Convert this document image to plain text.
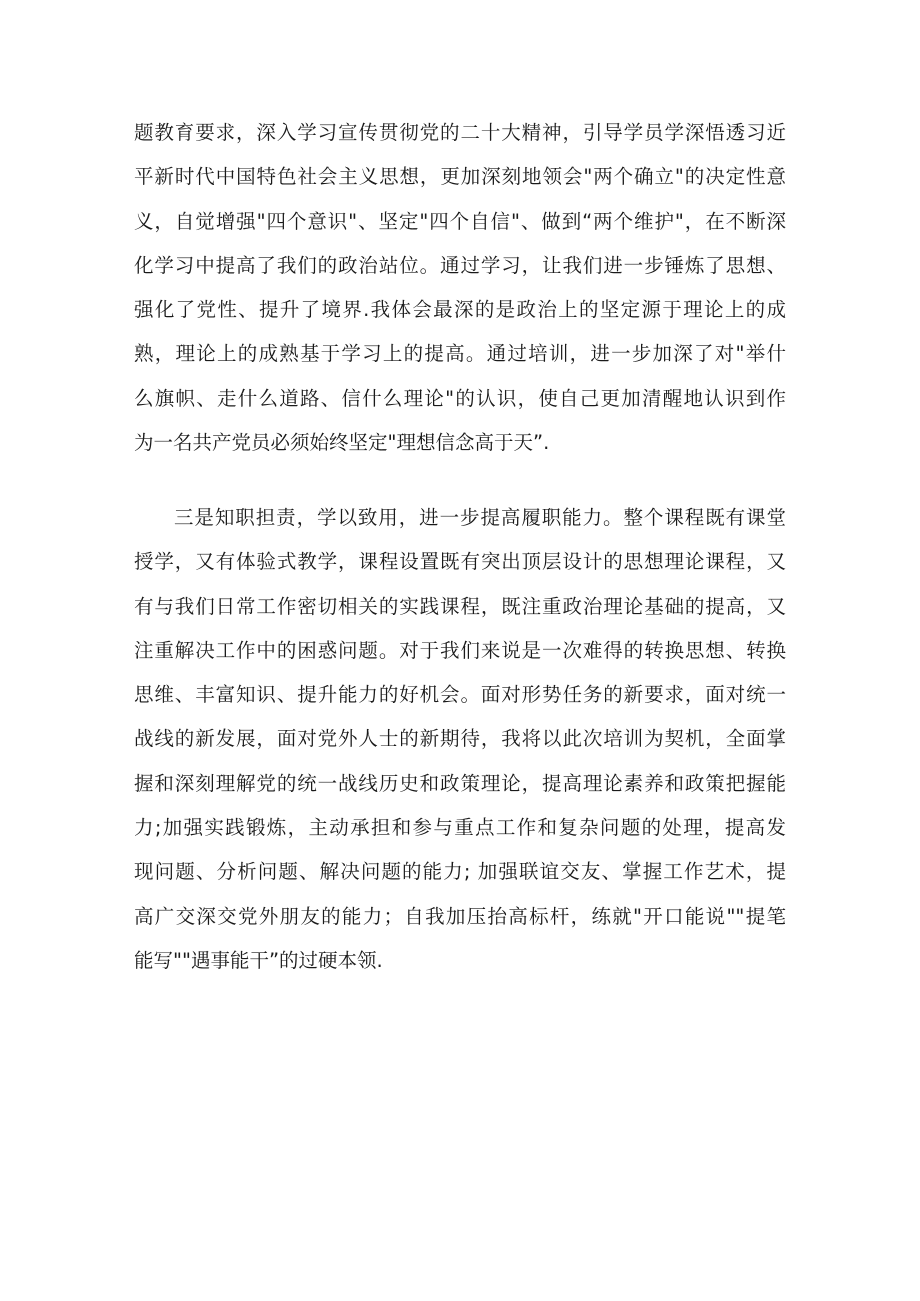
题教育要求，深入学习宣传贯彻党的二十大精神，引导学员学深悟透习近
平新时代中国特色社会主义思想，更加深刻地领会"两个确立"的决定性意
义，自觉增强"四个意识"、坚定"四个自信"、做到“两个维护"，在不断深
化学习中提高了我们的政治站位。通过学习，让我们进一步锤炼了思想、
强化了党性、提升了境界.我体会最深的是政治上的坚定源于理论上的成
熟，理论上的成熟基于学习上的提高。通过培训，进一步加深了对"举什
么旗帜、走什么道路、信什么理论"的认识，使自己更加清醒地认识到作
为一名共产党员必须始终坚定"理想信念高于天”.
三是知职担责，学以致用，进一步提高履职能力。整个课程既有课堂
授学，又有体验式教学，课程设置既有突出顶层设计的思想理论课程，又
有与我们日常工作密切相关的实践课程，既注重政治理论基础的提高，又
注重解决工作中的困惑问题。对于我们来说是一次难得的转换思想、转换
思维、丰富知识、提升能力的好机会。面对形势任务的新要求，面对统一
战线的新发展，面对党外人士的新期待，我将以此次培训为契机，全面掌
握和深刻理解党的统一战线历史和政策理论，提高理论素养和政策把握能
力;加强实践锻炼，主动承担和参与重点工作和复杂问题的处理，提高发
现问题、分析问题、解决问题的能力; 加强联谊交友、掌握工作艺术，提
高广交深交党外朋友的能力；自我加压抬高标杆，练就"开口能说""提笔
能写""遇事能干”的过硬本领.
